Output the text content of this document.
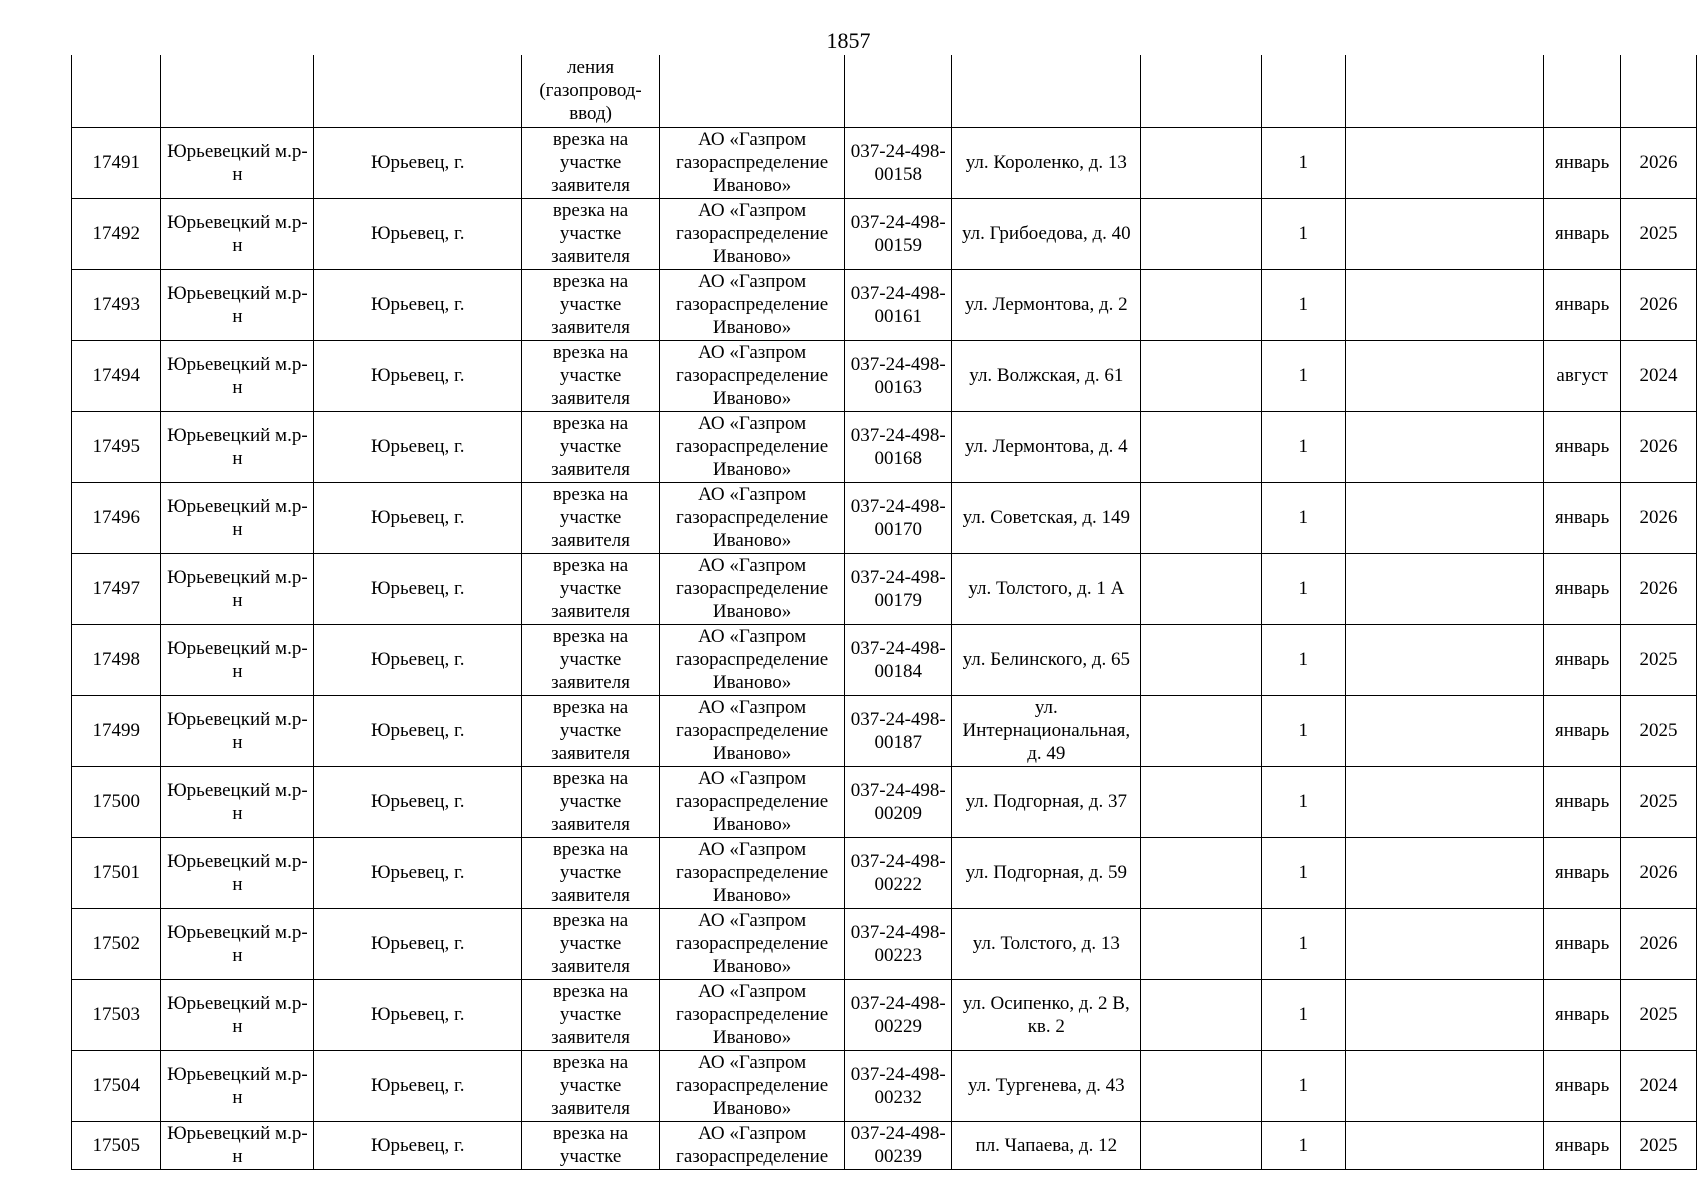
1857
			ления (газопровод-ввод)								
17491	Юрьевецкий м.р-н	Юрьевец, г.	врезка на участке заявителя	АО «Газпром газораспределение Иваново»	037-24-498-00158	ул. Короленко, д. 13		1		январь	2026
17492	Юрьевецкий м.р-н	Юрьевец, г.	врезка на участке заявителя	АО «Газпром газораспределение Иваново»	037-24-498-00159	ул. Грибоедова, д. 40		1		январь	2025
17493	Юрьевецкий м.р-н	Юрьевец, г.	врезка на участке заявителя	АО «Газпром газораспределение Иваново»	037-24-498-00161	ул. Лермонтова, д. 2		1		январь	2026
17494	Юрьевецкий м.р-н	Юрьевец, г.	врезка на участке заявителя	АО «Газпром газораспределение Иваново»	037-24-498-00163	ул. Волжская, д. 61		1		август	2024
17495	Юрьевецкий м.р-н	Юрьевец, г.	врезка на участке заявителя	АО «Газпром газораспределение Иваново»	037-24-498-00168	ул. Лермонтова, д. 4		1		январь	2026
17496	Юрьевецкий м.р-н	Юрьевец, г.	врезка на участке заявителя	АО «Газпром газораспределение Иваново»	037-24-498-00170	ул. Советская, д. 149		1		январь	2026
17497	Юрьевецкий м.р-н	Юрьевец, г.	врезка на участке заявителя	АО «Газпром газораспределение Иваново»	037-24-498-00179	ул. Толстого, д. 1 А		1		январь	2026
17498	Юрьевецкий м.р-н	Юрьевец, г.	врезка на участке заявителя	АО «Газпром газораспределение Иваново»	037-24-498-00184	ул. Белинского, д. 65		1		январь	2025
17499	Юрьевецкий м.р-н	Юрьевец, г.	врезка на участке заявителя	АО «Газпром газораспределение Иваново»	037-24-498-00187	ул. Интернациональная, д. 49		1		январь	2025
17500	Юрьевецкий м.р-н	Юрьевец, г.	врезка на участке заявителя	АО «Газпром газораспределение Иваново»	037-24-498-00209	ул. Подгорная, д. 37		1		январь	2025
17501	Юрьевецкий м.р-н	Юрьевец, г.	врезка на участке заявителя	АО «Газпром газораспределение Иваново»	037-24-498-00222	ул. Подгорная, д. 59		1		январь	2026
17502	Юрьевецкий м.р-н	Юрьевец, г.	врезка на участке заявителя	АО «Газпром газораспределение Иваново»	037-24-498-00223	ул. Толстого, д. 13		1		январь	2026
17503	Юрьевецкий м.р-н	Юрьевец, г.	врезка на участке заявителя	АО «Газпром газораспределение Иваново»	037-24-498-00229	ул. Осипенко, д. 2 В, кв. 2		1		январь	2025
17504	Юрьевецкий м.р-н	Юрьевец, г.	врезка на участке заявителя	АО «Газпром газораспределение Иваново»	037-24-498-00232	ул. Тургенева, д. 43		1		январь	2024
17505	Юрьевецкий м.р-н	Юрьевец, г.	врезка на участке	АО «Газпром газораспределение	037-24-498-00239	пл. Чапаева, д. 12		1		январь	2025
